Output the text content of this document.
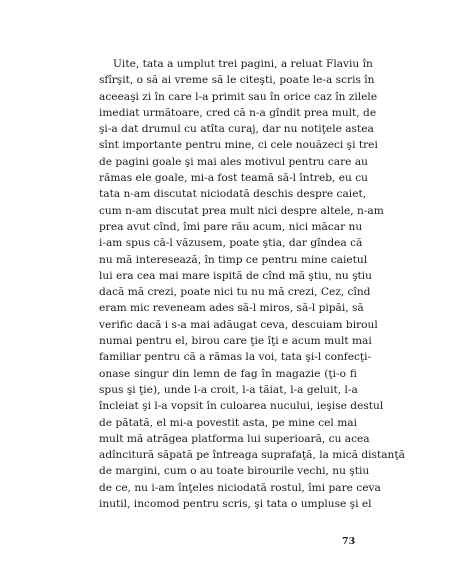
Uite, tata a umplut trei pagini, a reluat Flaviu în
sfîrşit, o să ai vreme să le citeşti, poate le-a scris în
aceeaşi zi în care l-a primit sau în orice caz în zilele
imediat următoare, cred că n-a gîndit prea mult, de
şi-a dat drumul cu atîta curaj, dar nu notiţele astea
sînt importante pentru mine, ci cele nouăzeci şi trei
de pagini goale şi mai ales motivul pentru care au
rămas ele goale, mi-a fost teamă să-l întreb, eu cu
tata n-am discutat niciodată deschis despre caiet,
cum n-am discutat prea mult nici despre altele, n-am
prea avut cînd, îmi pare rău acum, nici măcar nu
i-am spus că-l văzusem, poate ştia, dar gîndea că
nu mă interesează, în timp ce pentru mine caietul
lui era cea mai mare ispită de cînd mă ştiu, nu ştiu
dacă mă crezi, poate nici tu nu mă crezi, Cez, cînd
eram mic reveneam ades să-l miros, să-l pipăi, să
verific dacă i s-a mai adăugat ceva, descuiam biroul
numai pentru el, birou care ţie îţi e acum mult mai
familiar pentru că a rămas la voi, tata şi-l confecţi-
onase singur din lemn de fag în magazie (ţi-o fi
spus şi ţie), unde l-a croit, l-a tăiat, l-a geluit, l-a
încleiat şi l-a vopsit în culoarea nucului, ieşise destul
de pătată, el mi-a povestit asta, pe mine cel mai
mult mă atrăgea platforma lui superioară, cu acea
adîncitură săpată pe întreaga suprafaţă, la mică distanţă
de margini, cum o au toate birourile vechi, nu ştiu
de ce, nu i-am înţeles niciodată rostul, îmi pare ceva
inutil, incomod pentru scris, şi tata o umpluse şi el
73
